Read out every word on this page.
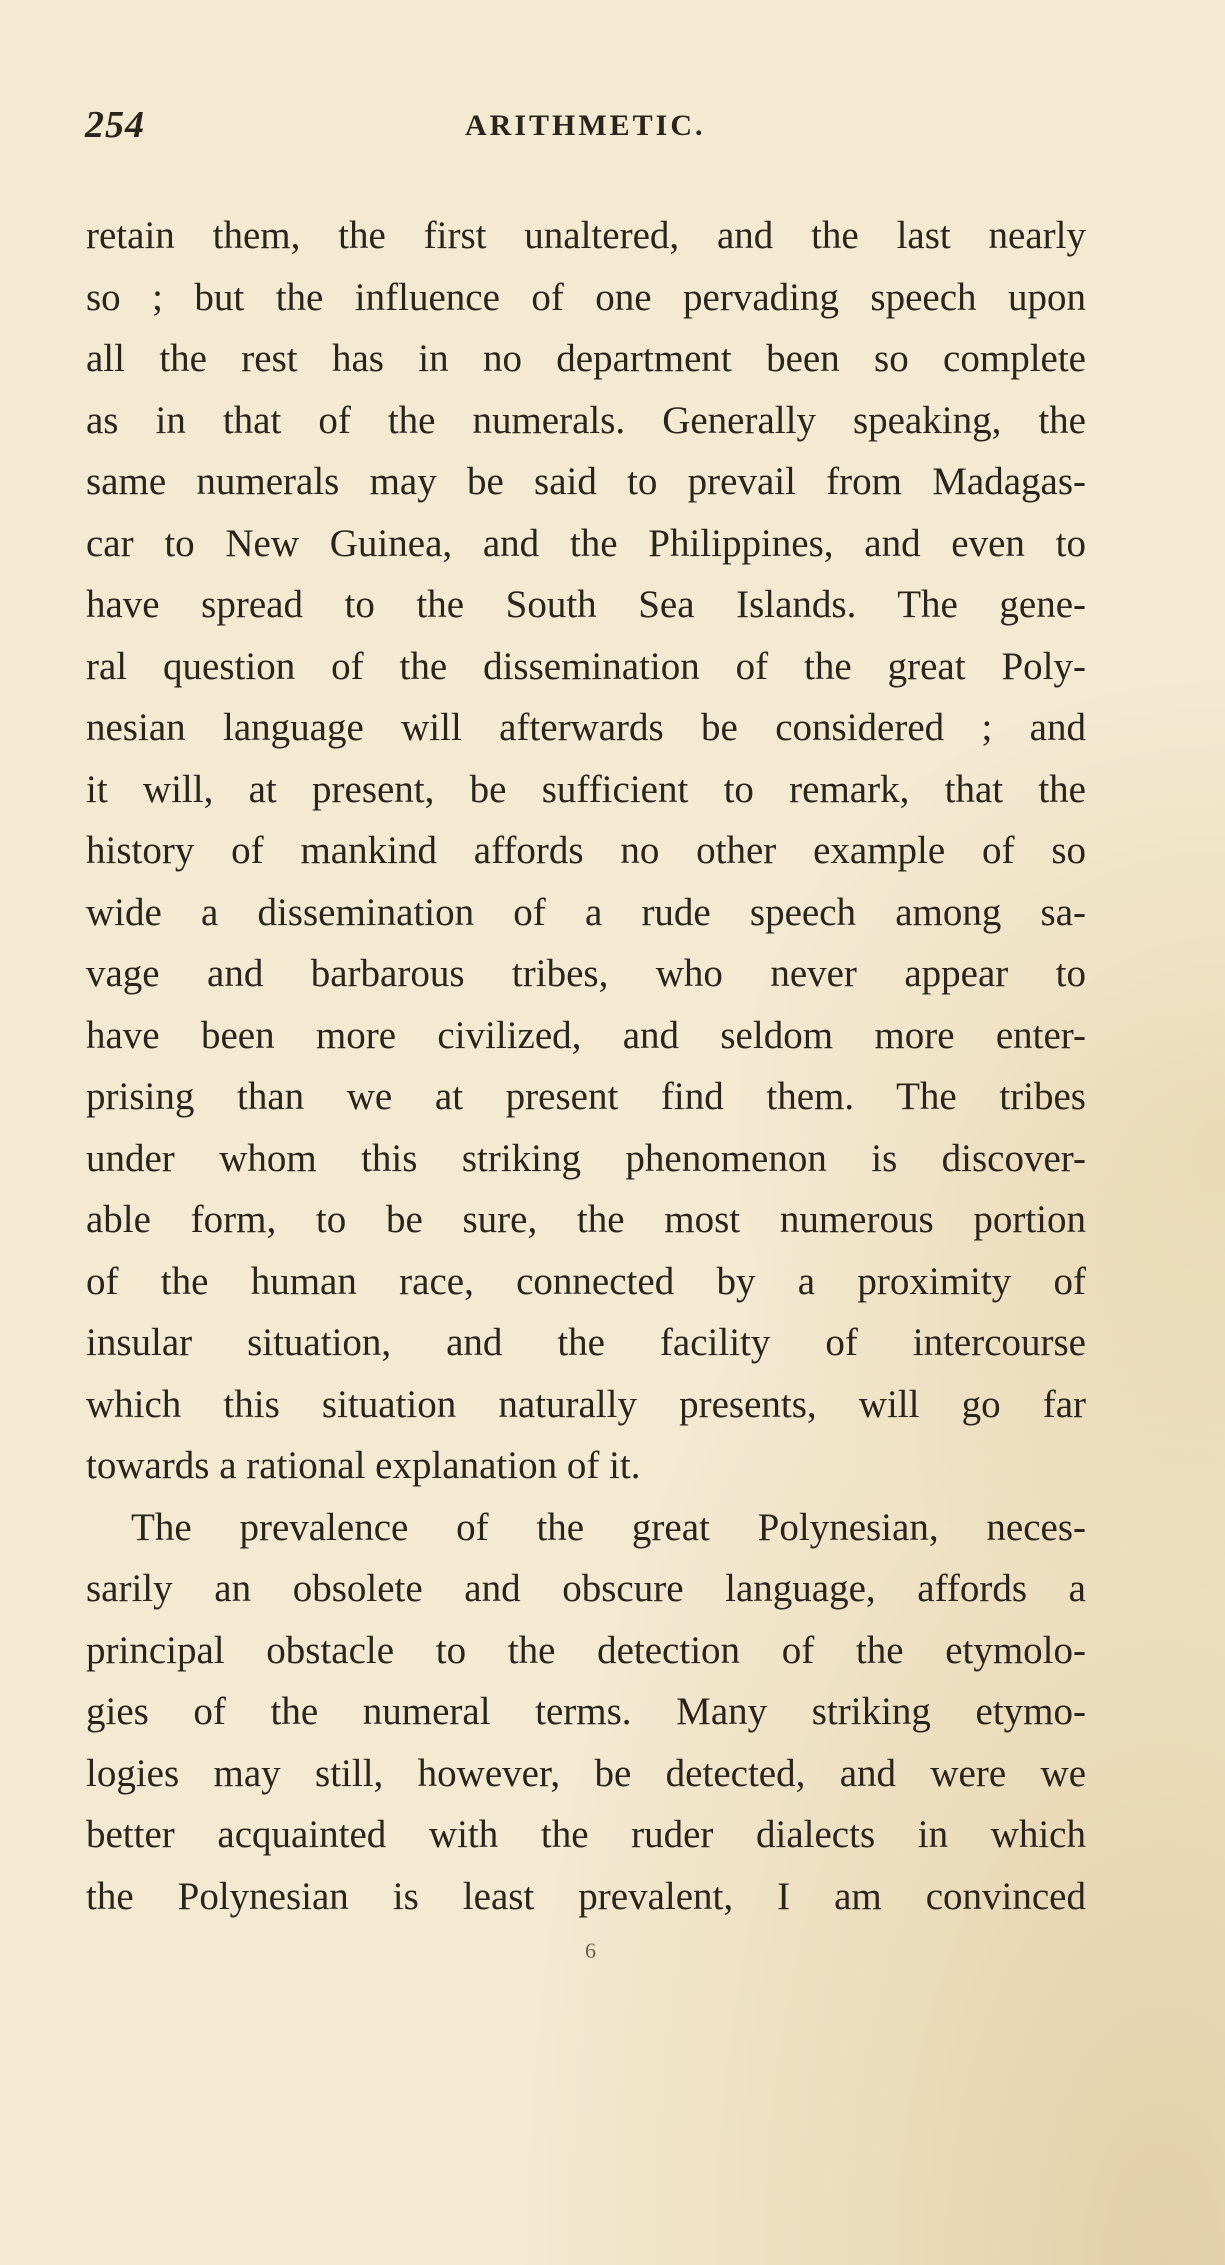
254	ARITHMETIC.
retain them, the first unaltered, and the last nearly
so ; but the influence of one pervading speech upon
all the rest has in no department been so complete
as in that of the numerals. Generally speaking, the
same numerals may be said to prevail from Madagas-
car to New Guinea, and the Philippines, and even to
have spread to the South Sea Islands. The gene-
ral question of the dissemination of the great Poly-
nesian language will afterwards be considered ; and
it will, at present, be sufficient to remark, that the
history of mankind affords no other example of so
wide a dissemination of a rude speech among sa-
vage and barbarous tribes, who never appear to
have been more civilized, and seldom more enter-
prising than we at present find them. The tribes
under whom this striking phenomenon is discover-
able form, to be sure, the most numerous portion
of the human race, connected by a proximity of
insular situation, and the facility of intercourse
which this situation naturally presents, will go far
towards a rational explanation of it.
The prevalence of the great Polynesian, neces-
sarily an obsolete and obscure language, affords a
principal obstacle to the detection of the etymolo-
gies of the numeral terms. Many striking etymo-
logies may still, however, be detected, and were we
better acquainted with the ruder dialects in which
the Polynesian is least prevalent, I am convinced
6
